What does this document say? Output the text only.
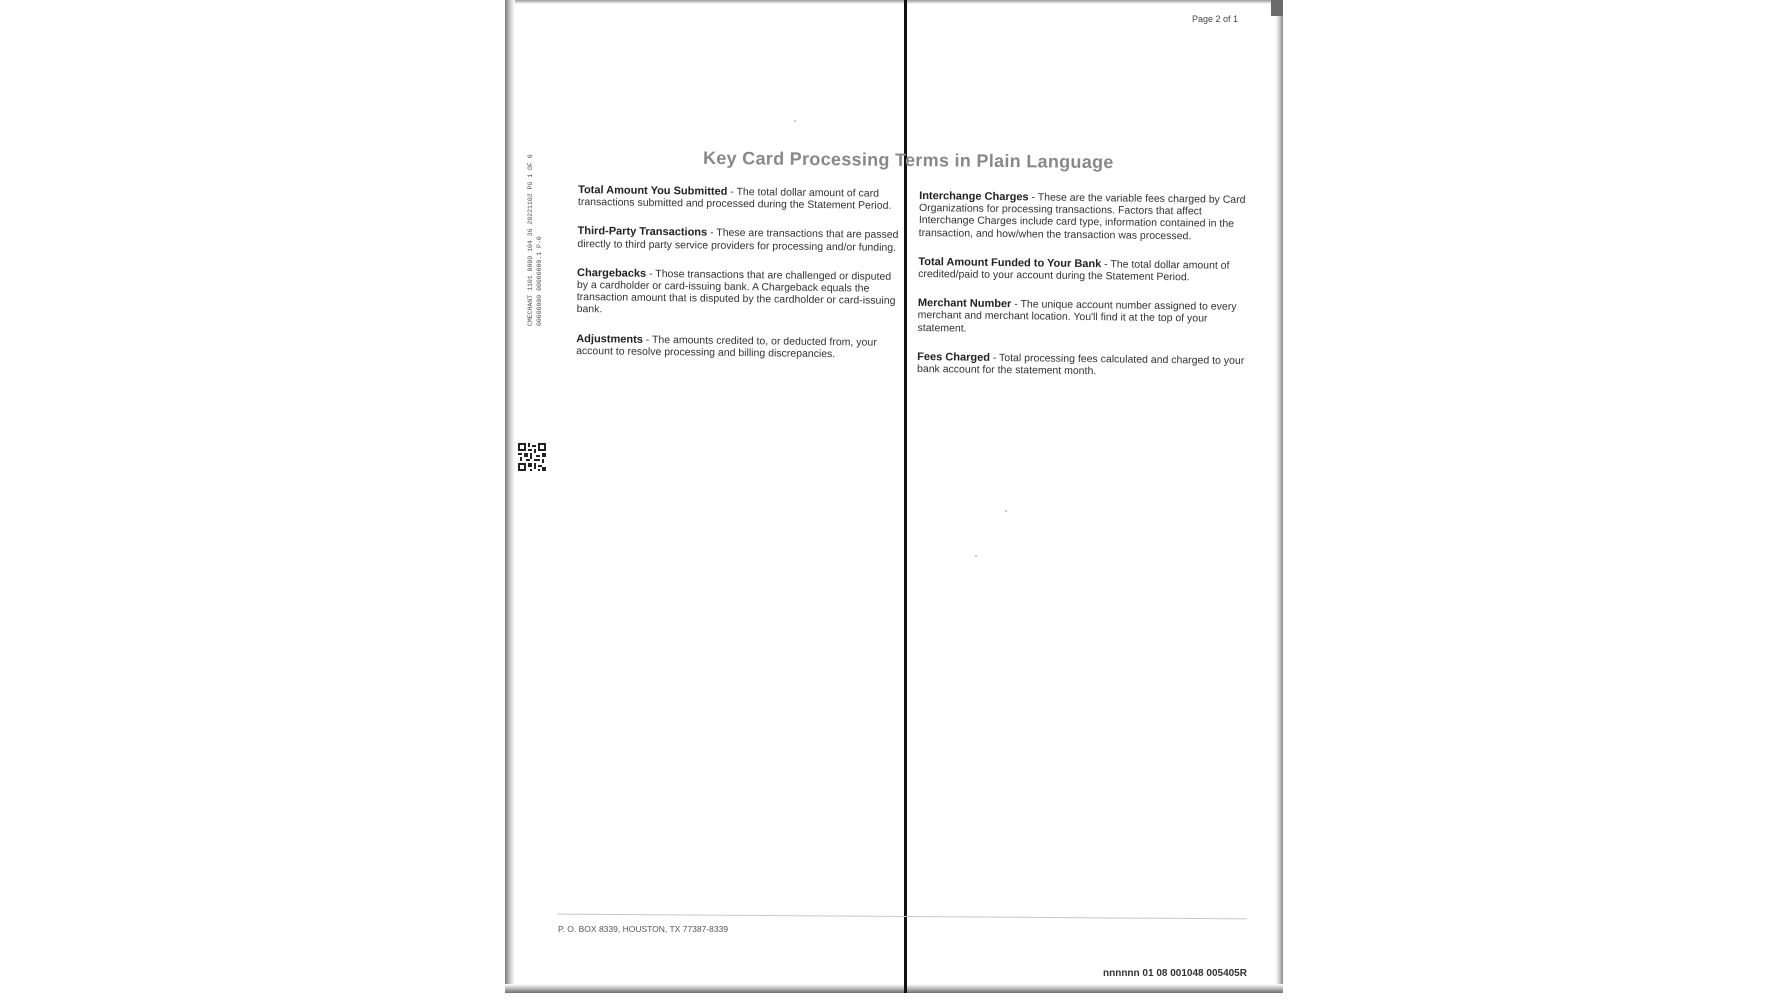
Page 2 of 1
CMECHANT 1101 0009 104 36 20221102 PG 1 OF 0 00000000 00000000.1 P-0
Key Card Processing Terms in Plain Language
Total Amount You Submitted - The total dollar amount of card transactions submitted and processed during the Statement Period.
Third-Party Transactions - These are transactions that are passed directly to third party service providers for processing and/or funding.
Chargebacks - Those transactions that are challenged or disputed by a cardholder or card-issuing bank. A Chargeback equals the transaction amount that is disputed by the cardholder or card-issuing bank.
Adjustments - The amounts credited to, or deducted from, your account to resolve processing and billing discrepancies.
Interchange Charges - These are the variable fees charged by Card Organizations for processing transactions. Factors that affect Interchange Charges include card type, information contained in the transaction, and how/when the transaction was processed.
Total Amount Funded to Your Bank - The total dollar amount of credited/paid to your account during the Statement Period.
Merchant Number - The unique account number assigned to every merchant and merchant location. You'll find it at the top of your statement.
Fees Charged - Total processing fees calculated and charged to your bank account for the statement month.
P. O. BOX 8339, HOUSTON, TX 77387-8339
nnnnnn 01 08 001048 005405R
